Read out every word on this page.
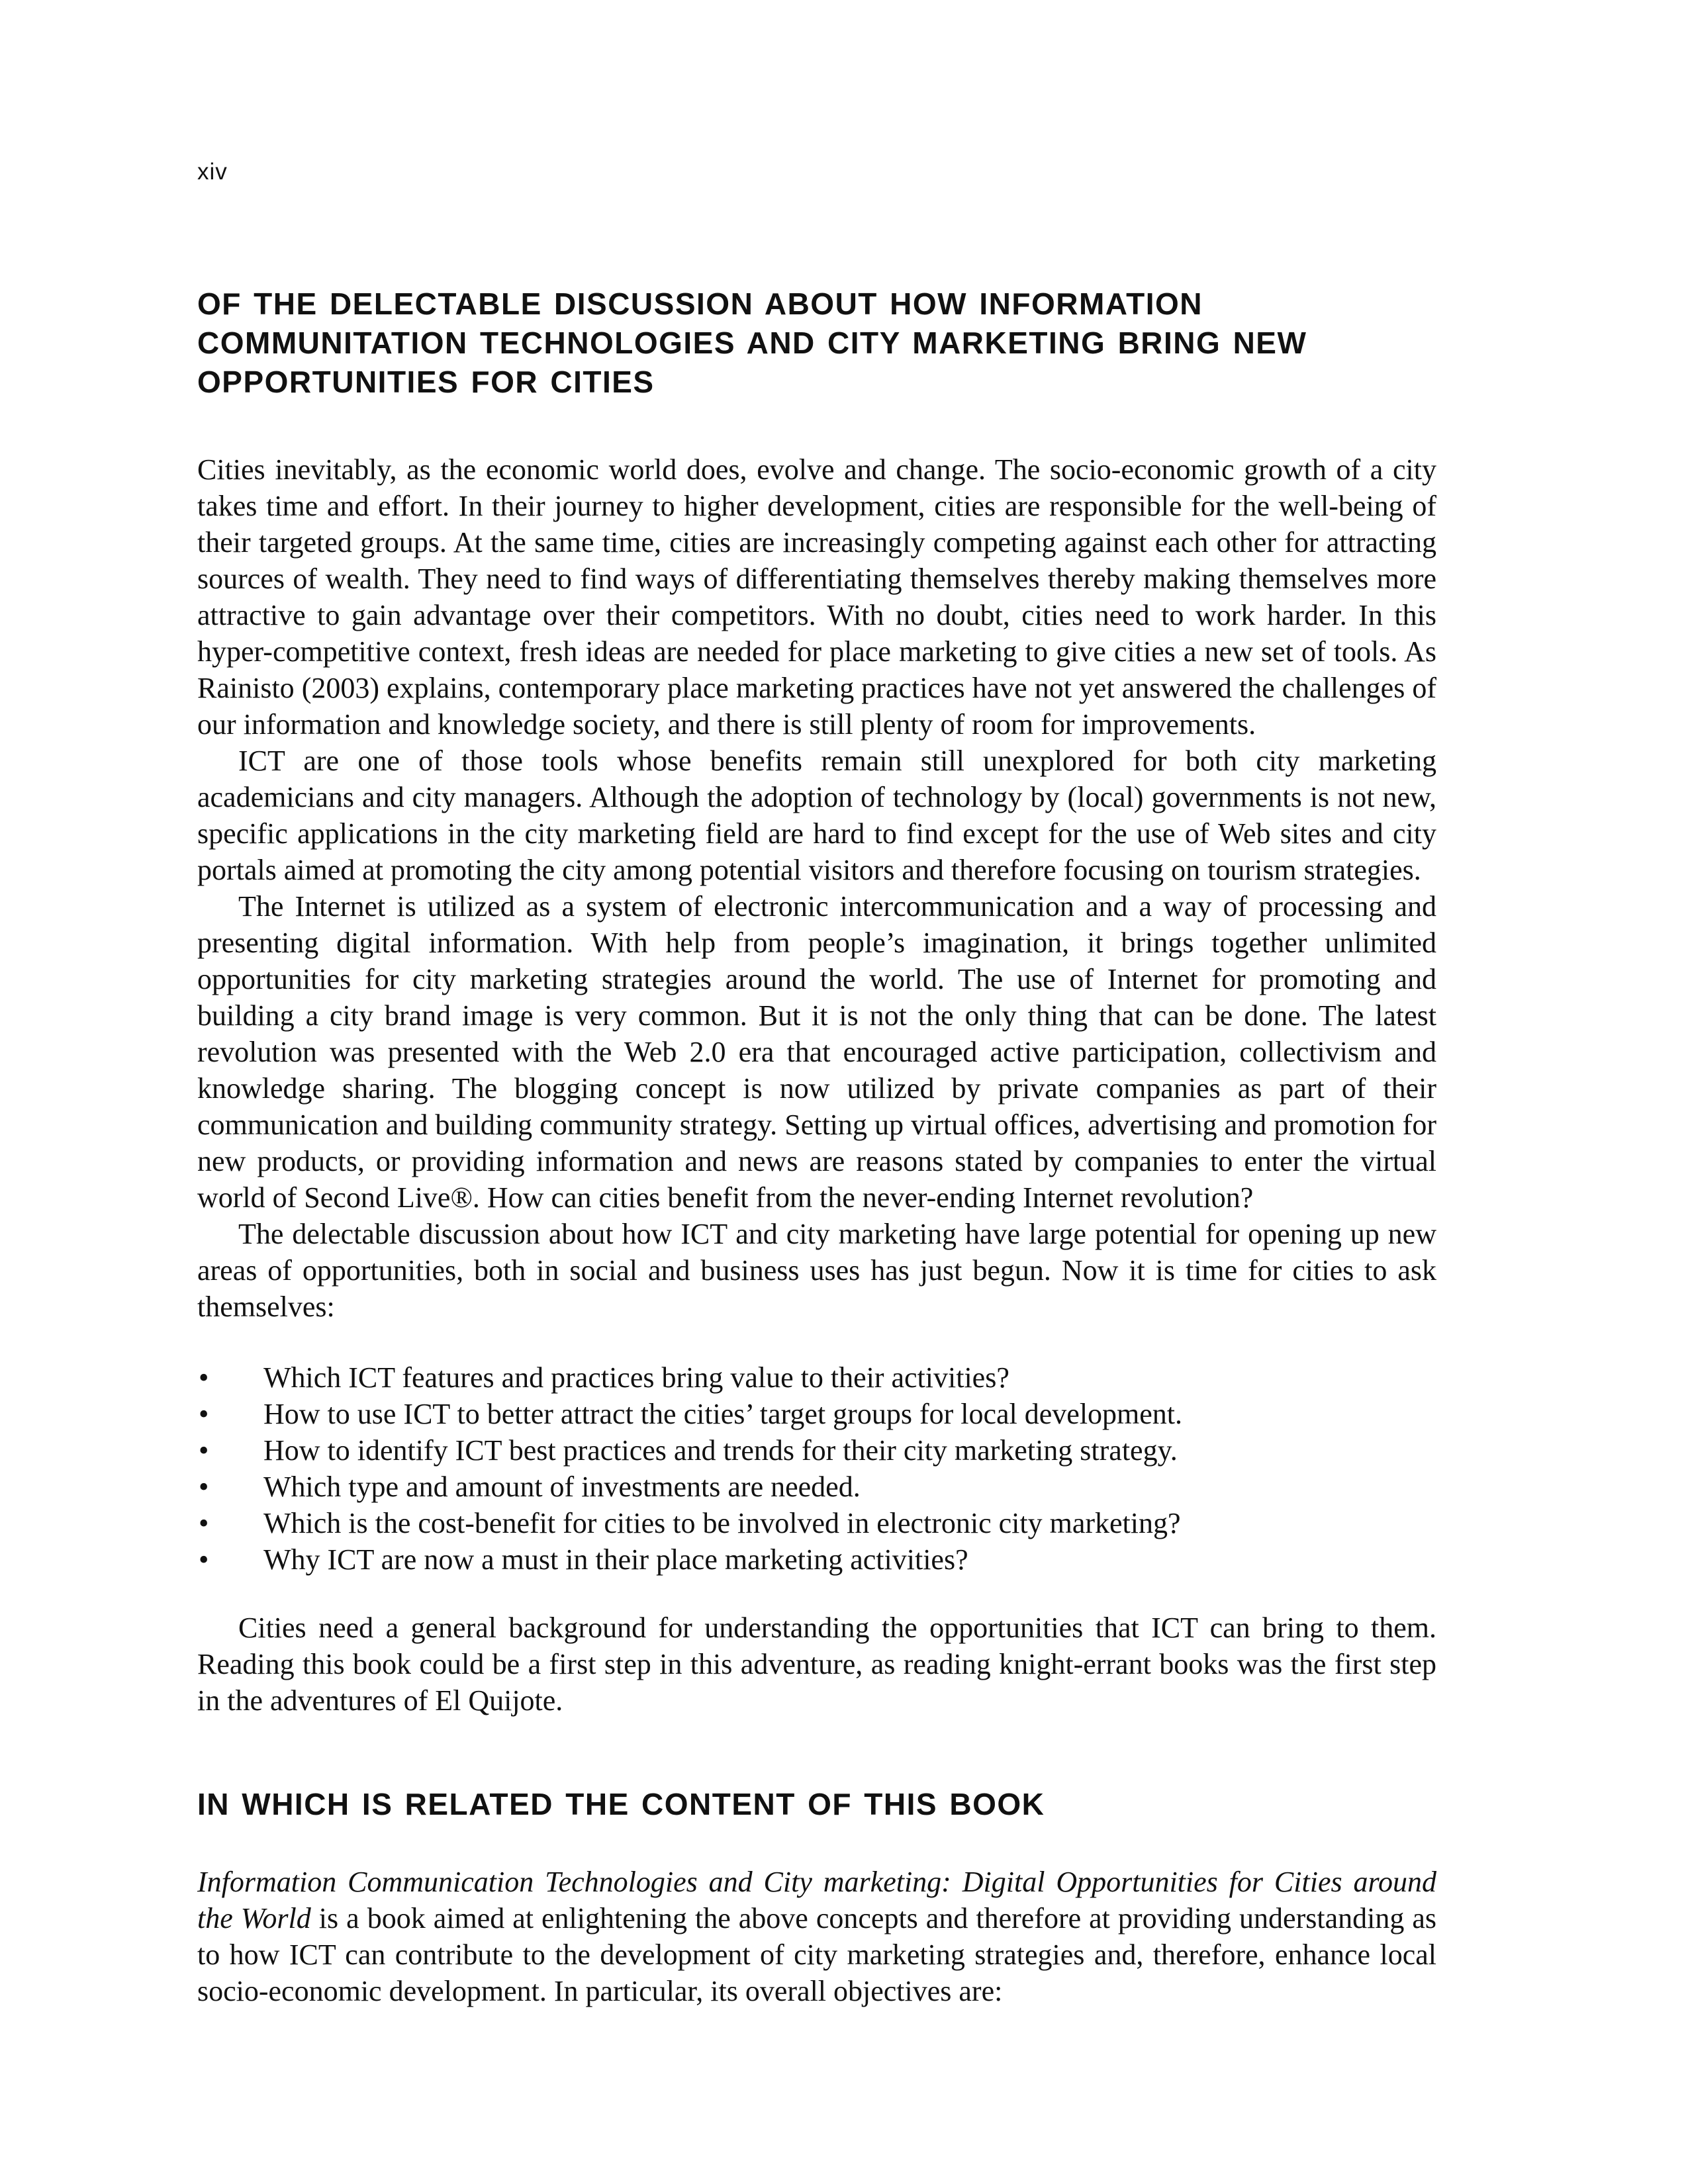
xiv
OF THE DELECTABLE DISCUSSION ABOUT HOW INFORMATION
COMMUNITATION TECHNOLOGIES AND CITY MARKETING BRING NEW
OPPORTUNITIES FOR CITIES

Cities inevitably, as the economic world does, evolve and change. The socio-economic growth of a city takes time and effort. In their journey to higher development, cities are responsible for the well-being of their targeted groups. At the same time, cities are increasingly competing against each other for attracting sources of wealth. They need to find ways of differentiating themselves thereby making themselves more attractive to gain advantage over their competitors. With no doubt, cities need to work harder. In this hyper-competitive context, fresh ideas are needed for place marketing to give cities a new set of tools. As Rainisto (2003) explains, contemporary place marketing practices have not yet answered the challenges of our information and knowledge society, and there is still plenty of room for improvements.

ICT are one of those tools whose benefits remain still unexplored for both city marketing academicians and city managers. Although the adoption of technology by (local) governments is not new, specific applications in the city marketing field are hard to find except for the use of Web sites and city portals aimed at promoting the city among potential visitors and therefore focusing on tourism strategies.

The Internet is utilized as a system of electronic intercommunication and a way of processing and presenting digital information. With help from people’s imagination, it brings together unlimited opportunities for city marketing strategies around the world. The use of Internet for promoting and building a city brand image is very common. But it is not the only thing that can be done. The latest revolution was presented with the Web 2.0 era that encouraged active participation, collectivism and knowledge sharing. The blogging concept is now utilized by private companies as part of their communication and building community strategy. Setting up virtual offices, advertising and promotion for new products, or providing information and news are reasons stated by companies to enter the virtual world of Second Live®. How can cities benefit from the never-ending Internet revolution?

The delectable discussion about how ICT and city marketing have large potential for opening up new areas of opportunities, both in social and business uses has just begun. Now it is time for cities to ask themselves:

• Which ICT features and practices bring value to their activities?
• How to use ICT to better attract the cities’ target groups for local development.
• How to identify ICT best practices and trends for their city marketing strategy.
• Which type and amount of investments are needed.
• Which is the cost-benefit for cities to be involved in electronic city marketing?
• Why ICT are now a must in their place marketing activities?

Cities need a general background for understanding the opportunities that ICT can bring to them. Reading this book could be a first step in this adventure, as reading knight-errant books was the first step in the adventures of El Quijote.

IN WHICH IS RELATED THE CONTENT OF THIS BOOK

Information Communication Technologies and City marketing: Digital Opportunities for Cities around the World is a book aimed at enlightening the above concepts and therefore at providing understanding as to how ICT can contribute to the development of city marketing strategies and, therefore, enhance local socio-economic development. In particular, its overall objectives are:
